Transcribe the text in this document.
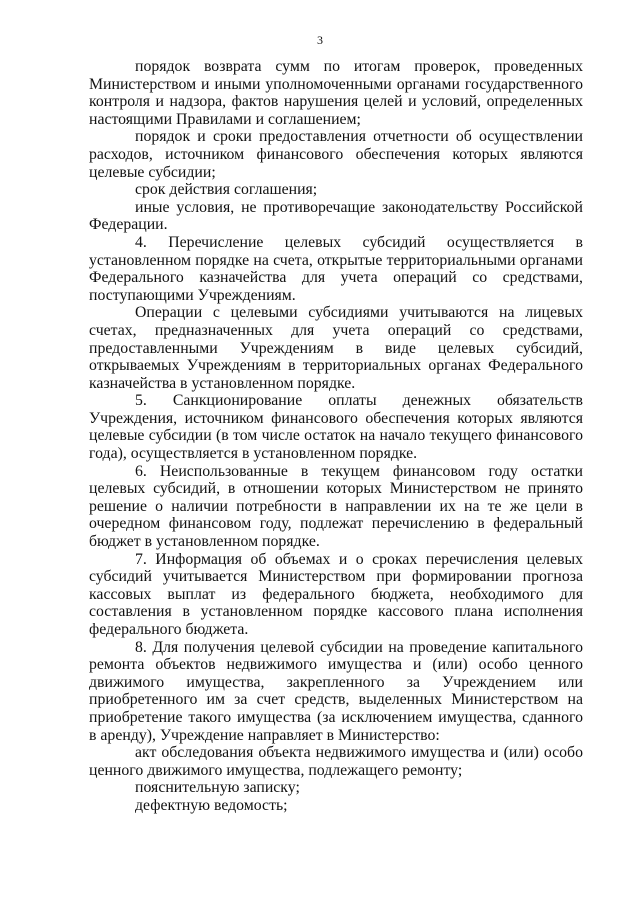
3

порядок возврата сумм по итогам проверок, проведенных Министерством и иными уполномоченными органами государственного контроля и надзора, фактов нарушения целей и условий, определенных настоящими Правилами и соглашением;

порядок и сроки предоставления отчетности об осуществлении расходов, источником финансового обеспечения которых являются целевые субсидии;

срок действия соглашения;

иные условия, не противоречащие законодательству Российской Федерации.

4. Перечисление целевых субсидий осуществляется в установленном порядке на счета, открытые территориальными органами Федерального казначейства для учета операций со средствами, поступающими Учреждениям.

Операции с целевыми субсидиями учитываются на лицевых счетах, предназначенных для учета операций со средствами, предоставленными Учреждениям в виде целевых субсидий, открываемых Учреждениям в территориальных органах Федерального казначейства в установленном порядке.

5. Санкционирование оплаты денежных обязательств Учреждения, источником финансового обеспечения которых являются целевые субсидии (в том числе остаток на начало текущего финансового года), осуществляется в установленном порядке.

6. Неиспользованные в текущем финансовом году остатки целевых субсидий, в отношении которых Министерством не принято решение о наличии потребности в направлении их на те же цели в очередном финансовом году, подлежат перечислению в федеральный бюджет в установленном порядке.

7. Информация об объемах и о сроках перечисления целевых субсидий учитывается Министерством при формировании прогноза кассовых выплат из федерального бюджета, необходимого для составления в установленном порядке кассового плана исполнения федерального бюджета.

8. Для получения целевой субсидии на проведение капитального ремонта объектов недвижимого имущества и (или) особо ценного движимого имущества, закрепленного за Учреждением или приобретенного им за счет средств, выделенных Министерством на приобретение такого имущества (за исключением имущества, сданного в аренду), Учреждение направляет в Министерство:

акт обследования объекта недвижимого имущества и (или) особо ценного движимого имущества, подлежащего ремонту;

пояснительную записку;

дефектную ведомость;
